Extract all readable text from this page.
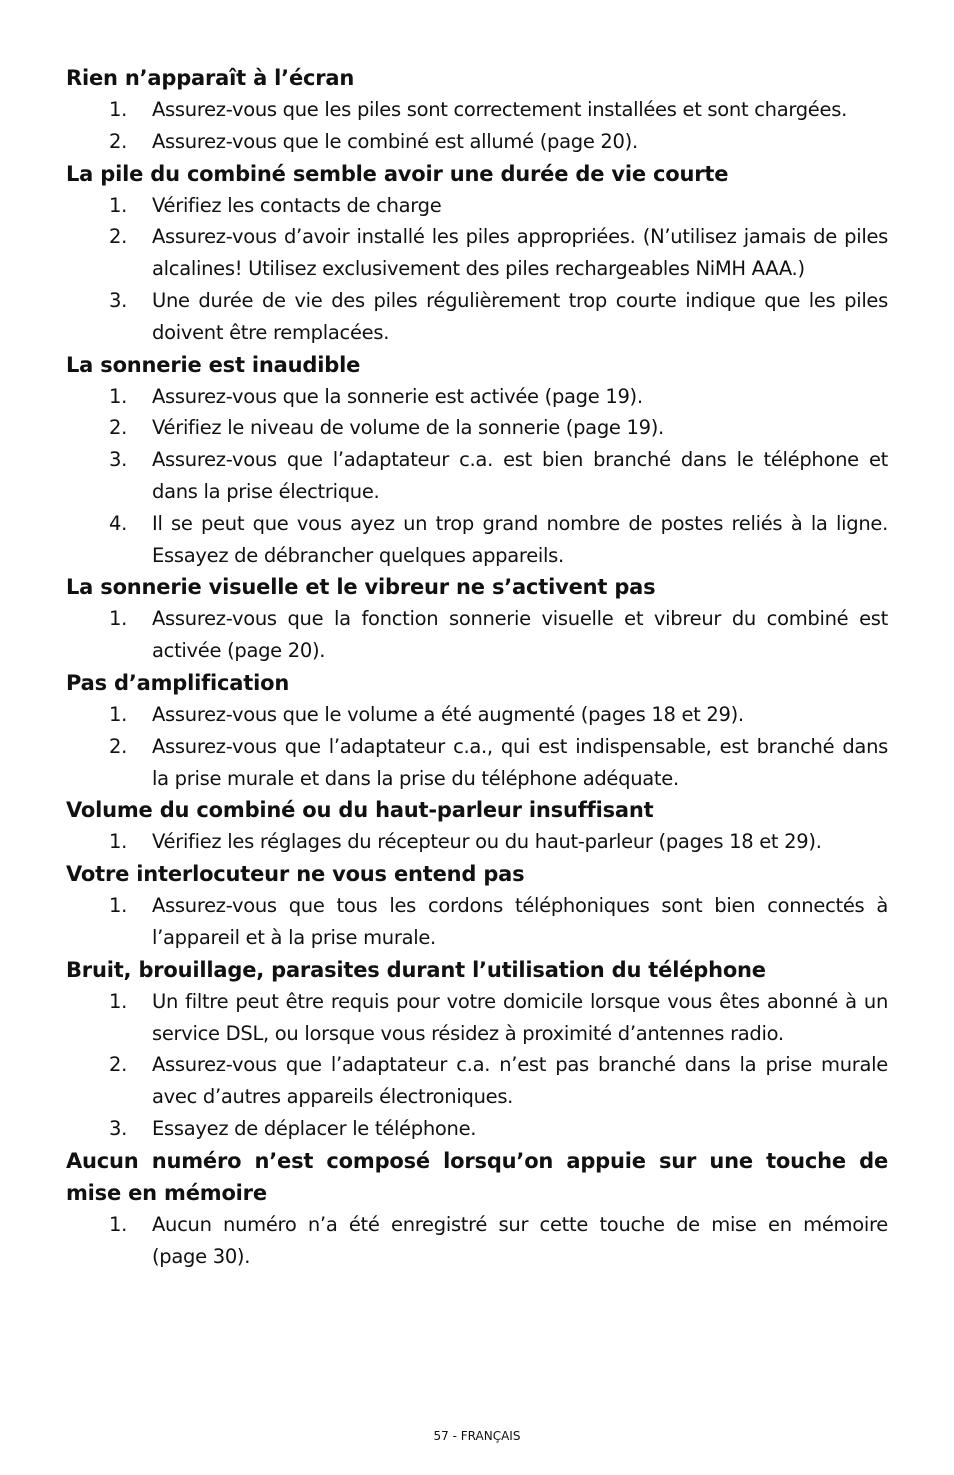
Rien n’apparaît à l’écran
1. Assurez-vous que les piles sont correctement installées et sont chargées.
2. Assurez-vous que le combiné est allumé (page 20).
La pile du combiné semble avoir une durée de vie courte
1. Vérifiez les contacts de charge
2. Assurez-vous d’avoir installé les piles appropriées. (N’utilisez jamais de piles alcalines! Utilisez exclusivement des piles rechargeables NiMH AAA.)
3. Une durée de vie des piles régulièrement trop courte indique que les piles doivent être remplacées.
La sonnerie est inaudible
1. Assurez-vous que la sonnerie est activée (page 19).
2. Vérifiez le niveau de volume de la sonnerie (page 19).
3. Assurez-vous que l’adaptateur c.a. est bien branché dans le téléphone et dans la prise électrique.
4. Il se peut que vous ayez un trop grand nombre de postes reliés à la ligne. Essayez de débrancher quelques appareils.
La sonnerie visuelle et le vibreur ne s’activent pas
1. Assurez-vous que la fonction sonnerie visuelle et vibreur du combiné est activée (page 20).
Pas d’amplification
1. Assurez-vous que le volume a été augmenté (pages 18 et 29).
2. Assurez-vous que l’adaptateur c.a., qui est indispensable, est branché dans la prise murale et dans la prise du téléphone adéquate.
Volume du combiné ou du haut-parleur insuffisant
1. Vérifiez les réglages du récepteur ou du haut-parleur (pages 18 et 29).
Votre interlocuteur ne vous entend pas
1. Assurez-vous que tous les cordons téléphoniques sont bien connectés à l’appareil et à la prise murale.
Bruit, brouillage, parasites durant l’utilisation du téléphone
1. Un filtre peut être requis pour votre domicile lorsque vous êtes abonné à un service DSL, ou lorsque vous résidez à proximité d’antennes radio.
2. Assurez-vous que l’adaptateur c.a. n’est pas branché dans la prise murale avec d’autres appareils électroniques.
3. Essayez de déplacer le téléphone.
Aucun numéro n’est composé lorsqu’on appuie sur une touche de mise en mémoire
1. Aucun numéro n’a été enregistré sur cette touche de mise en mémoire (page 30).
57 - FRANÇAIS
